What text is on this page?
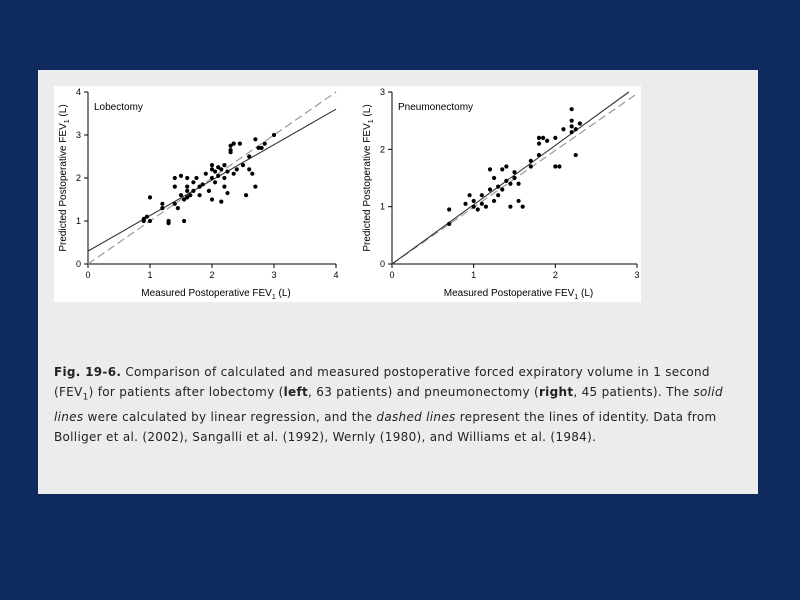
0	1	2	3	4
0
1
2
3
4
Lobectomy
Measured Postoperative $FEV_1$ (L)
Predicted Postoperative $FEV_1$ (L)
0	1	2	3
0
1
2
3
Pneumonectomy
Measured Postoperative $FEV_1$ (L)
Predicted Postoperative $FEV_1$ (L)
Fig. 19-6. Comparison of calculated and measured postoperative forced expiratory volume in 1 second $(FEV_1)$ for patients after lobectomy (left, 63 patients) and pneumonectomy (right, 45 patients). The solid lines were calculated by linear regression, and the dashed lines represent the lines of identity. Data from Bolliger et al. (2002), Sangalli et al. (1992), Wernly (1980), and Williams et al. (1984).
